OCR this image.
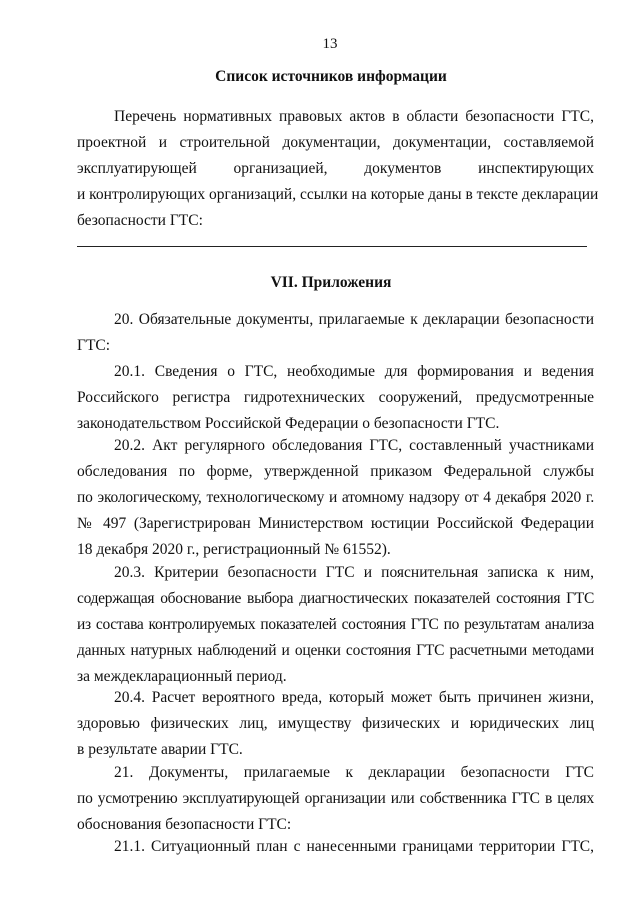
13
Список источников информации
Перечень нормативных правовых актов в области безопасности ГТС,
проектной и строительной документации, документации, составляемой
эксплуатирующей организацией, документов инспектирующих
и контролирующих организаций, ссылки на которые даны в тексте декларации
безопасности ГТС:
VII. Приложения
20. Обязательные документы, прилагаемые к декларации безопасности
ГТС:
20.1. Сведения о ГТС, необходимые для формирования и ведения
Российского регистра гидротехнических сооружений, предусмотренные
законодательством Российской Федерации о безопасности ГТС.
20.2. Акт регулярного обследования ГТС, составленный участниками
обследования по форме, утвержденной приказом Федеральной службы
по экологическому, технологическому и атомному надзору от 4 декабря 2020 г.
№ 497 (Зарегистрирован Министерством юстиции Российской Федерации
18 декабря 2020 г., регистрационный № 61552).
20.3. Критерии безопасности ГТС и пояснительная записка к ним,
содержащая обоснование выбора диагностических показателей состояния ГТС
из состава контролируемых показателей состояния ГТС по результатам анализа
данных натурных наблюдений и оценки состояния ГТС расчетными методами
за междекларационный период.
20.4. Расчет вероятного вреда, который может быть причинен жизни,
здоровью физических лиц, имуществу физических и юридических лиц
в результате аварии ГТС.
21. Документы, прилагаемые к декларации безопасности ГТС
по усмотрению эксплуатирующей организации или собственника ГТС в целях
обоснования безопасности ГТС:
21.1. Ситуационный план с нанесенными границами территории ГТС,
